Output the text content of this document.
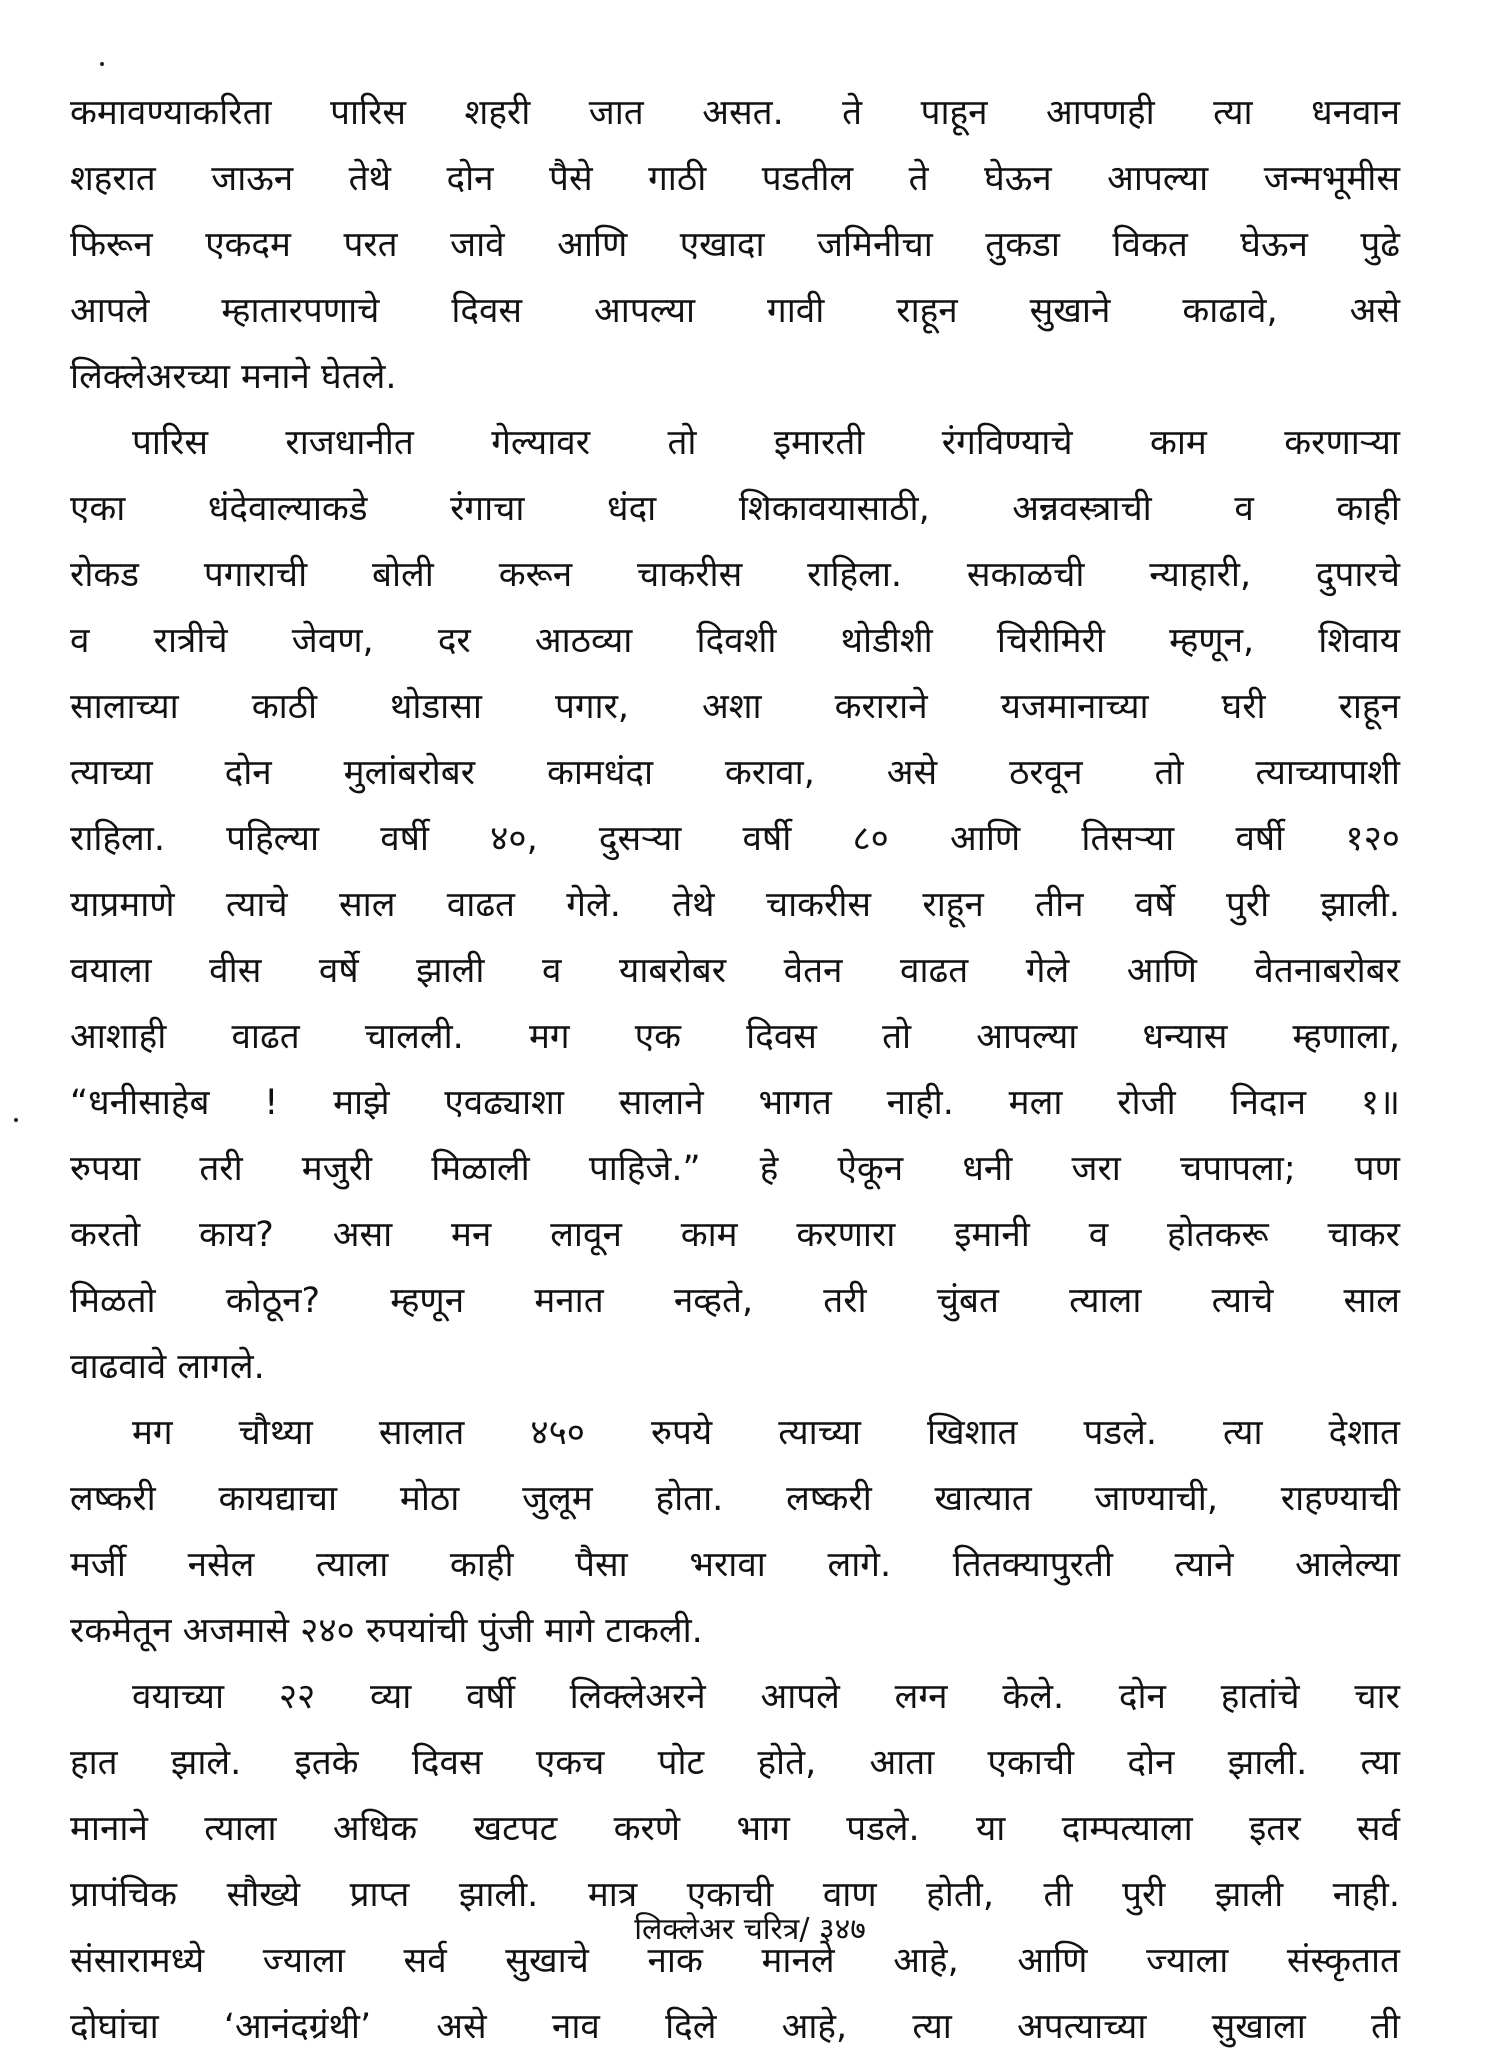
कमावण्याकरिता पारिस शहरी जात असत. ते पाहून आपणही त्या धनवान
शहरात जाऊन तेथे दोन पैसे गाठी पडतील ते घेऊन आपल्या जन्मभूमीस
फिरून एकदम परत जावे आणि एखादा जमिनीचा तुकडा विकत घेऊन पुढे
आपले म्हातारपणाचे दिवस आपल्या गावी राहून सुखाने काढावे, असे
लिक्लेअरच्या मनाने घेतले.
पारिस राजधानीत गेल्यावर तो इमारती रंगविण्याचे काम करणाऱ्या
एका धंदेवाल्याकडे रंगाचा धंदा शिकावयासाठी, अन्नवस्त्राची व काही
रोकड पगाराची बोली करून चाकरीस राहिला. सकाळची न्याहारी, दुपारचे
व रात्रीचे जेवण, दर आठव्या दिवशी थोडीशी चिरीमिरी म्हणून, शिवाय
सालाच्या काठी थोडासा पगार, अशा कराराने यजमानाच्या घरी राहून
त्याच्या दोन मुलांबरोबर कामधंदा करावा, असे ठरवून तो त्याच्यापाशी
राहिला. पहिल्या वर्षी ४०, दुसऱ्या वर्षी ८० आणि तिसऱ्या वर्षी १२०
याप्रमाणे त्याचे साल वाढत गेले. तेथे चाकरीस राहून तीन वर्षे पुरी झाली.
वयाला वीस वर्षे झाली व याबरोबर वेतन वाढत गेले आणि वेतनाबरोबर
आशाही वाढत चालली. मग एक दिवस तो आपल्या धन्यास म्हणाला,
“धनीसाहेब ! माझे एवढ्याशा सालाने भागत नाही. मला रोजी निदान १॥
रुपया तरी मजुरी मिळाली पाहिजे.” हे ऐकून धनी जरा चपापला; पण
करतो काय? असा मन लावून काम करणारा इमानी व होतकरू चाकर
मिळतो कोठून? म्हणून मनात नव्हते, तरी चुंबत त्याला त्याचे साल
वाढवावे लागले.
मग चौथ्या सालात ४५० रुपये त्याच्या खिशात पडले. त्या देशात
लष्करी कायद्याचा मोठा जुलूम होता. लष्करी खात्यात जाण्याची, राहण्याची
मर्जी नसेल त्याला काही पैसा भरावा लागे. तितक्यापुरती त्याने आलेल्या
रकमेतून अजमासे २४० रुपयांची पुंजी मागे टाकली.
वयाच्या २२ व्या वर्षी लिक्लेअरने आपले लग्न केले. दोन हातांचे चार
हात झाले. इतके दिवस एकच पोट होते, आता एकाची दोन झाली. त्या
मानाने त्याला अधिक खटपट करणे भाग पडले. या दाम्पत्याला इतर सर्व
प्रापंचिक सौख्ये प्राप्त झाली. मात्र एकाची वाण होती, ती पुरी झाली नाही.
संसारामध्ये ज्याला सर्व सुखाचे नाक मानले आहे, आणि ज्याला संस्कृतात
दोघांचा ‘आनंदग्रंथी’ असे नाव दिले आहे, त्या अपत्याच्या सुखाला ती
लिक्लेअर चरित्र/ ३४७
